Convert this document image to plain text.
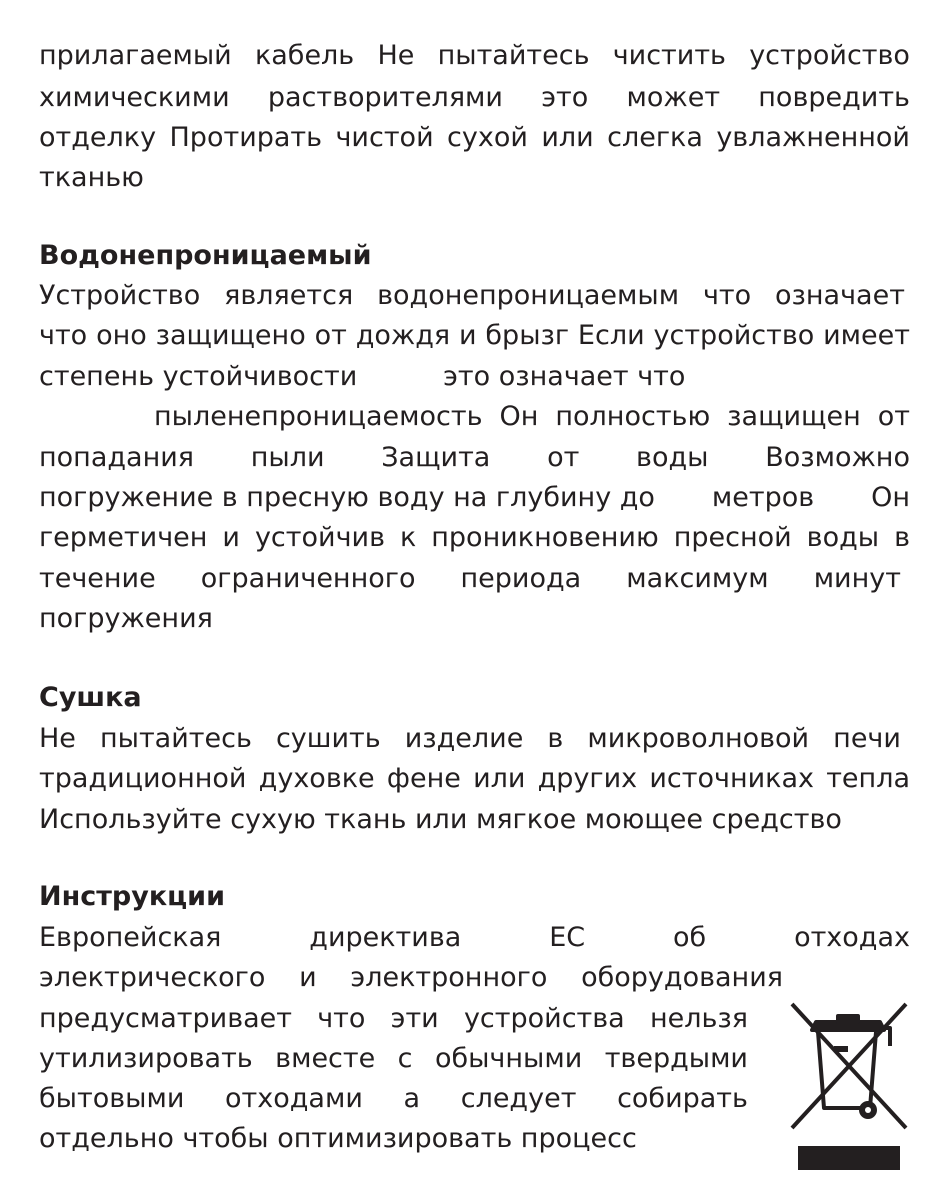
прилагаемый кабель Не пытайтесь чистить устройство
химическими растворителями это может повредить
отделку Протирать чистой сухой или слегка увлажненной
тканью
Водонепроницаемый
Устройство является водонепроницаемым что означает
что оно защищено от дождя и брызг Если устройство имеет
степень устойчивости          это означает что
пыленепроницаемость Он полностью защищен от
попадания пыли Защита от воды Возможно
погружение в пресную воду на глубину до метров Он
герметичен и устойчив к проникновению пресной воды в
течение ограниченного периода максимум минут
погружения
Сушка
Не пытайтесь сушить изделие в микроволновой печи
традиционной духовке фене или других источниках тепла
Используйте сухую ткань или мягкое моющее средство
Инструкции
Европейская	директива	ЕС	об	отходах
электрического и электронного оборудования
предусматривает что эти устройства нельзя
утилизировать вместе с обычными твердыми
бытовыми отходами а следует собирать
отдельно чтобы оптимизировать процесс
